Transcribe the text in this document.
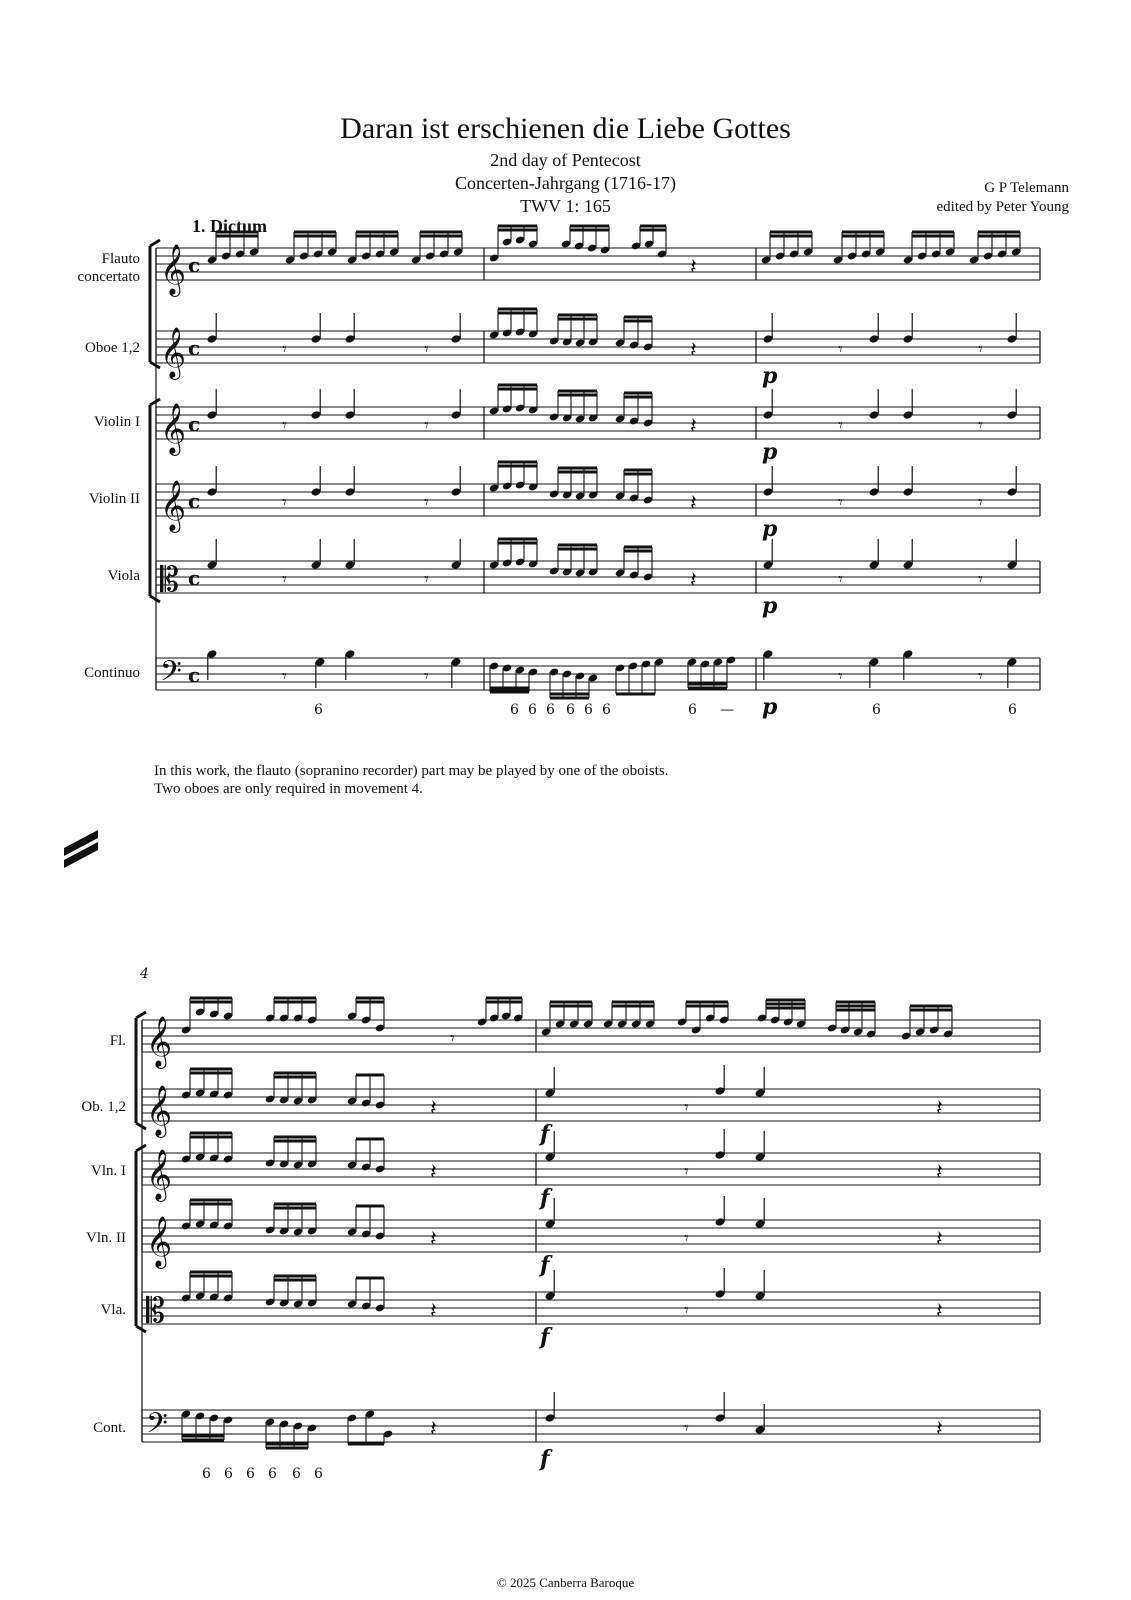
Daran ist erschienen die Liebe Gottes
2nd day of Pentecost
Concerten-Jahrgang (1716-17)
TWV 1: 165
G P Telemann
edited by Peter Young
1. Dictum
Flauto concertato
Oboe 1,2
Violin I
Violin II
Viola
Continuo
In this work, the flauto (sopranino recorder) part may be played by one of the oboists.
Two oboes are only required in movement 4.
Fl.
Ob. 1,2
Vln. I
Vln. II
Vla.
Cont.
© 2025 Canberra Baroque
𝄞 c	𝄽
𝄞 c	𝄾	𝄾	𝄽	𝄾	𝄾
p
𝄞 c	𝄾	𝄾	𝄽	𝄾	𝄾
p
𝄞 c	𝄾	𝄾	𝄽	𝄾	𝄾
p
𝄡 c	𝄾	𝄾	𝄽	𝄾	𝄾
p
𝄢 c	𝄾	𝄾	𝄾	𝄾
p
6	6 6 6 6 6 6	6 —	6	6
4
𝄞	𝄾
𝄞	𝄽	𝄾	𝄽
f
𝄞	𝄽	𝄾	𝄽
f
𝄞	𝄽	𝄾	𝄽
f
𝄡	𝄽	𝄾	𝄽
f
𝄢	𝄽	𝄾	𝄽
f
6 6 6 6 6 6
